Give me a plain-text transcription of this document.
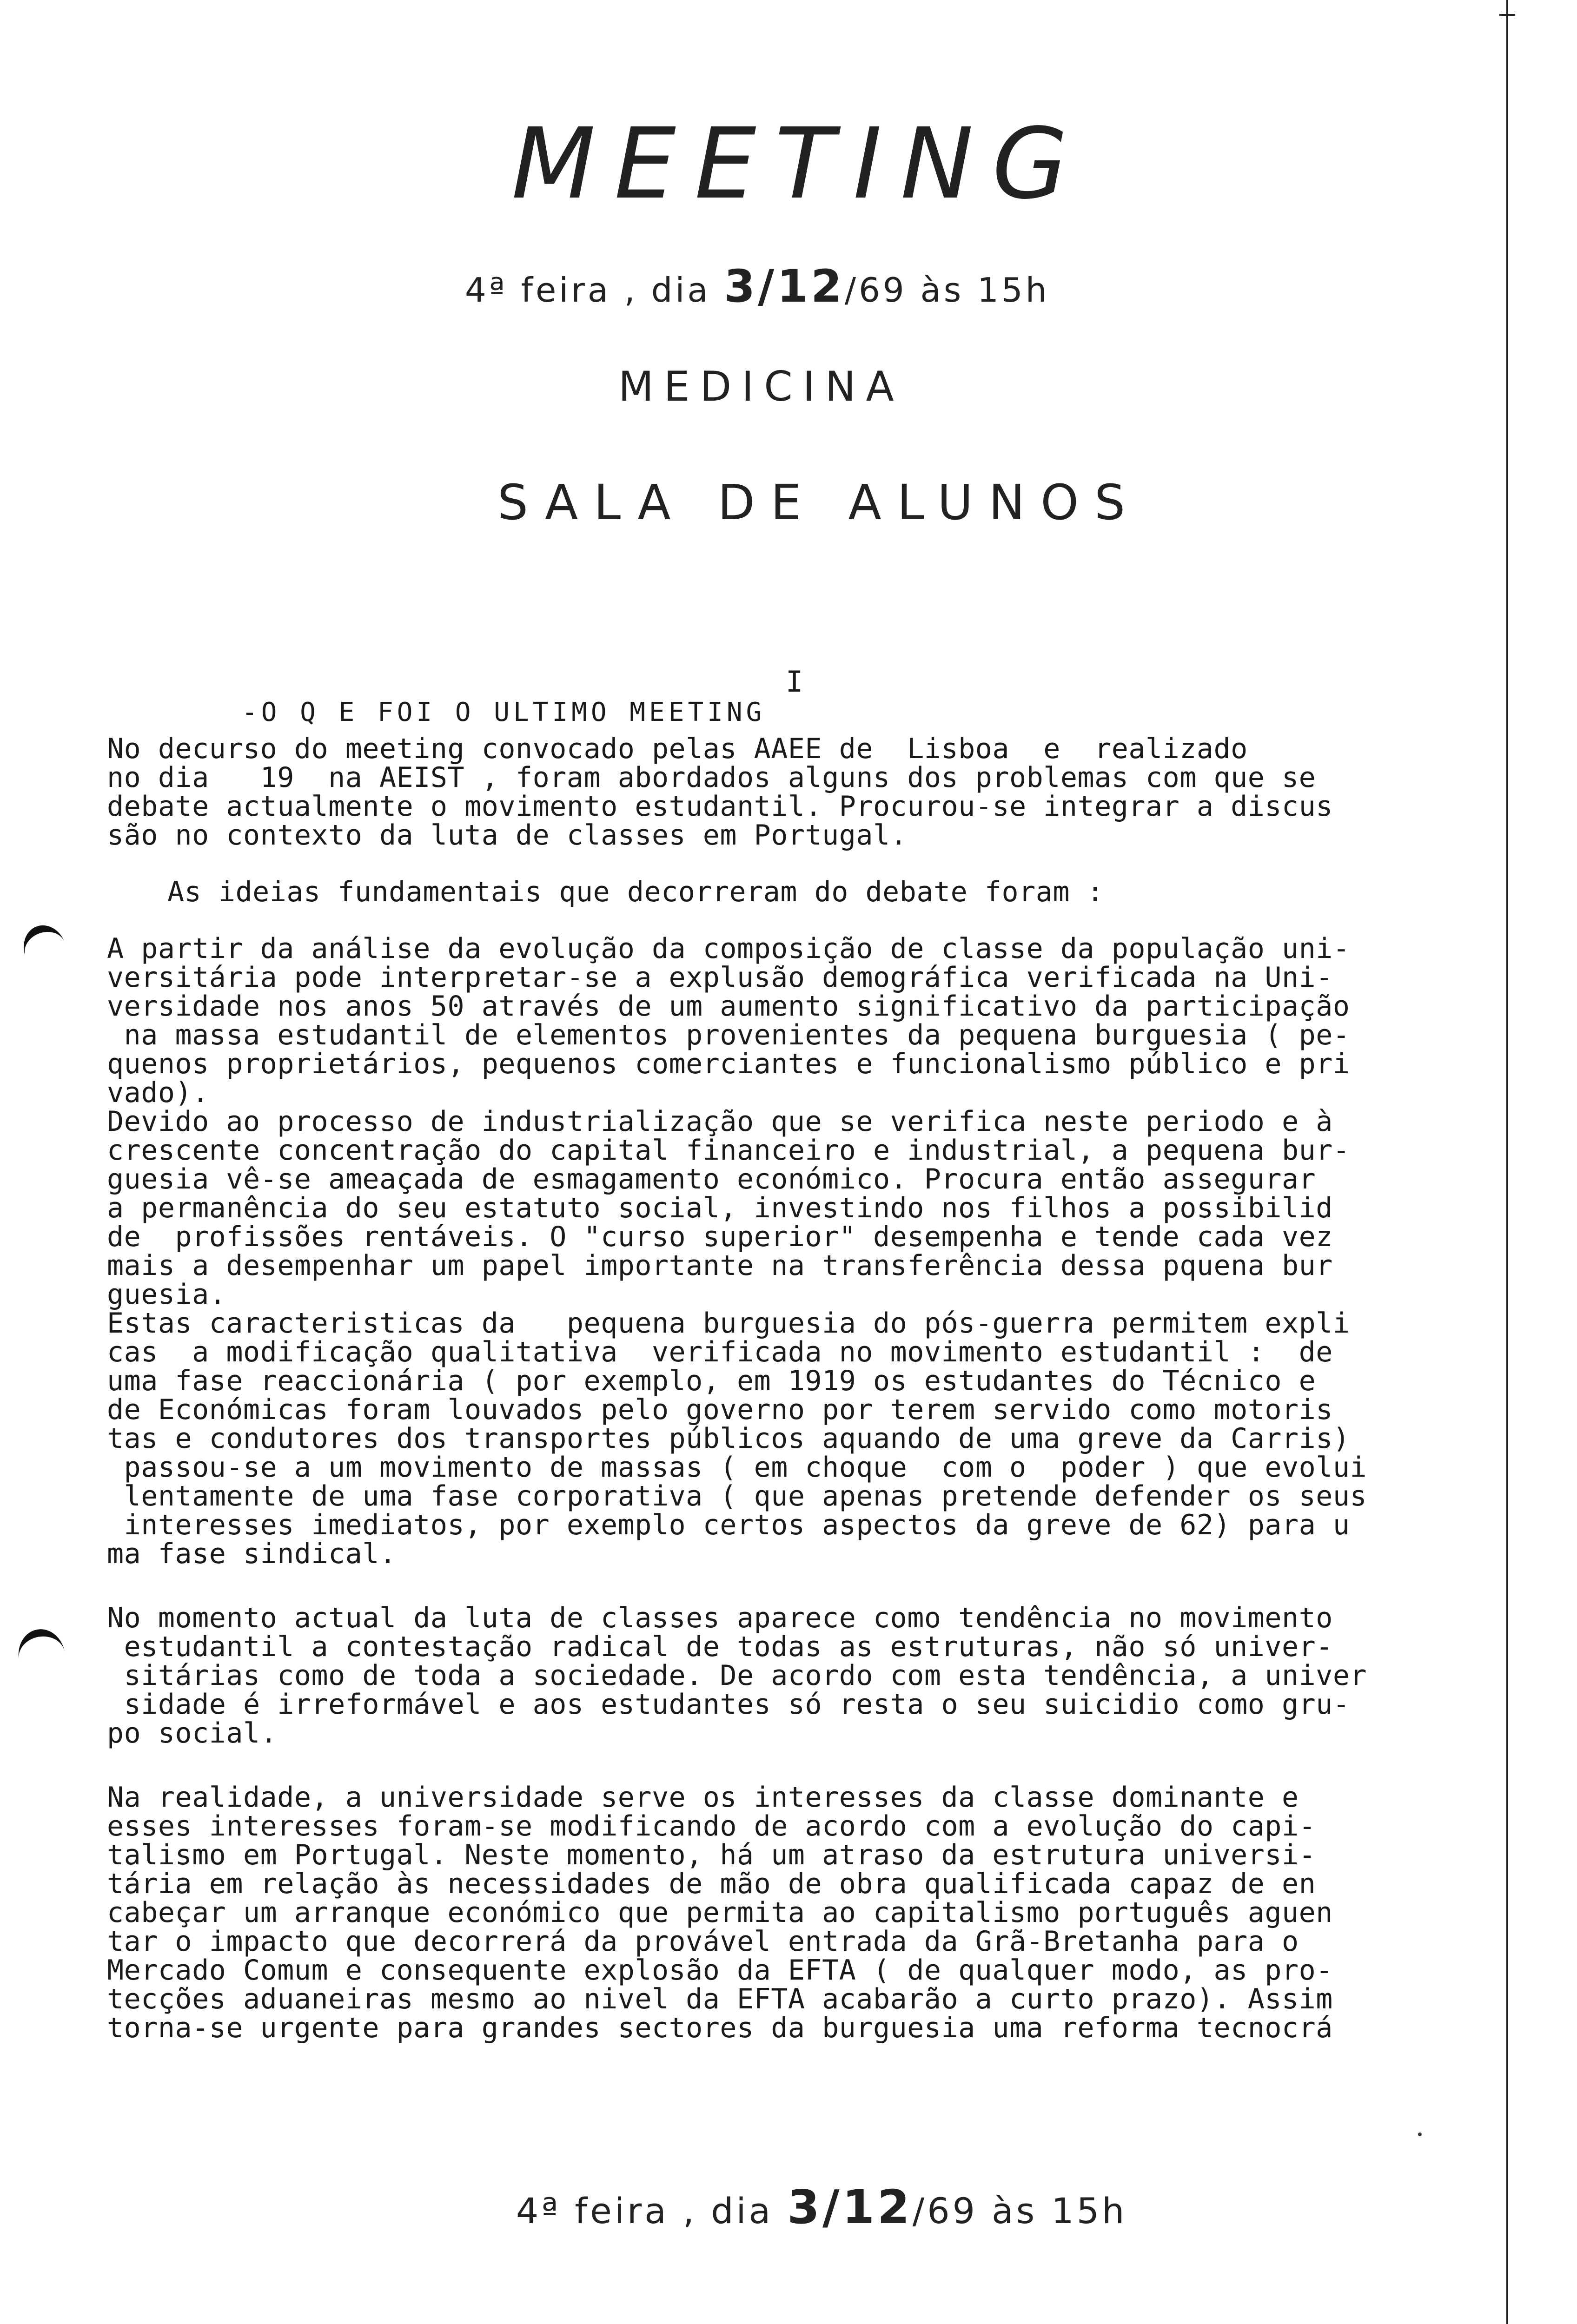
MEETING
4ª feira , dia 3/12/69 às 15h
MEDICINA
SALA DE ALUNOS
I
-O Q E FOI O ULTIMO MEETING

No decurso do meeting convocado pelas AAEE de  Lisboa  e  realizado
no dia   19  na AEIST , foram abordados alguns dos problemas com que se
debate actualmente o movimento estudantil. Procurou-se integrar a discus
são no contexto da luta de classes em Portugal.

As ideias fundamentais que decorreram do debate foram :

A partir da análise da evolução da composição de classe da população uni-
versitária pode interpretar-se a explusão demográfica verificada na Uni-
versidade nos anos 50 através de um aumento significativo da participação
na massa estudantil de elementos provenientes da pequena burguesia ( pe-
quenos proprietários, pequenos comerciantes e funcionalismo público e pri
vado).

Devido ao processo de industrialização que se verifica neste periodo e à
crescente concentração do capital financeiro e industrial, a pequena bur-
guesia vê-se ameaçada de esmagamento económico. Procura então assegurar
a permanência do seu estatuto social, investindo nos filhos a possibilid
de  profissões rentáveis. O "curso superior" desempenha e tende cada vez
mais a desempenhar um papel importante na transferência dessa pquena bur
guesia.

Estas caracteristicas da   pequena burguesia do pós-guerra permitem expli
cas  a modificação qualitativa  verificada no movimento estudantil :  de
uma fase reaccionária ( por exemplo, em 1919 os estudantes do Técnico e
de Económicas foram louvados pelo governo por terem servido como motoris
tas e condutores dos transportes públicos aquando de uma greve da Carris)
passou-se a um movimento de massas ( em choque  com o  poder ) que evolui
lentamente de uma fase corporativa ( que apenas pretende defender os seus
interesses imediatos, por exemplo certos aspectos da greve de 62) para u
ma fase sindical.

No momento actual da luta de classes aparece como tendência no movimento
estudantil a contestação radical de todas as estruturas, não só univer-
sitárias como de toda a sociedade. De acordo com esta tendência, a univer
sidade é irreformável e aos estudantes só resta o seu suicidio como gru-
po social.

Na realidade, a universidade serve os interesses da classe dominante e
esses interesses foram-se modificando de acordo com a evolução do capi-
talismo em Portugal. Neste momento, há um atraso da estrutura universi-
tária em relação às necessidades de mão de obra qualificada capaz de en
cabeçar um arranque económico que permita ao capitalismo português aguen
tar o impacto que decorrerá da provável entrada da Grã-Bretanha para o
Mercado Comum e consequente explosão da EFTA ( de qualquer modo, as pro-
tecções aduaneiras mesmo ao nivel da EFTA acabarão a curto prazo). Assim
torna-se urgente para grandes sectores da burguesia uma reforma tecnocrá

4ª feira , dia 3/12/69 às 15h
